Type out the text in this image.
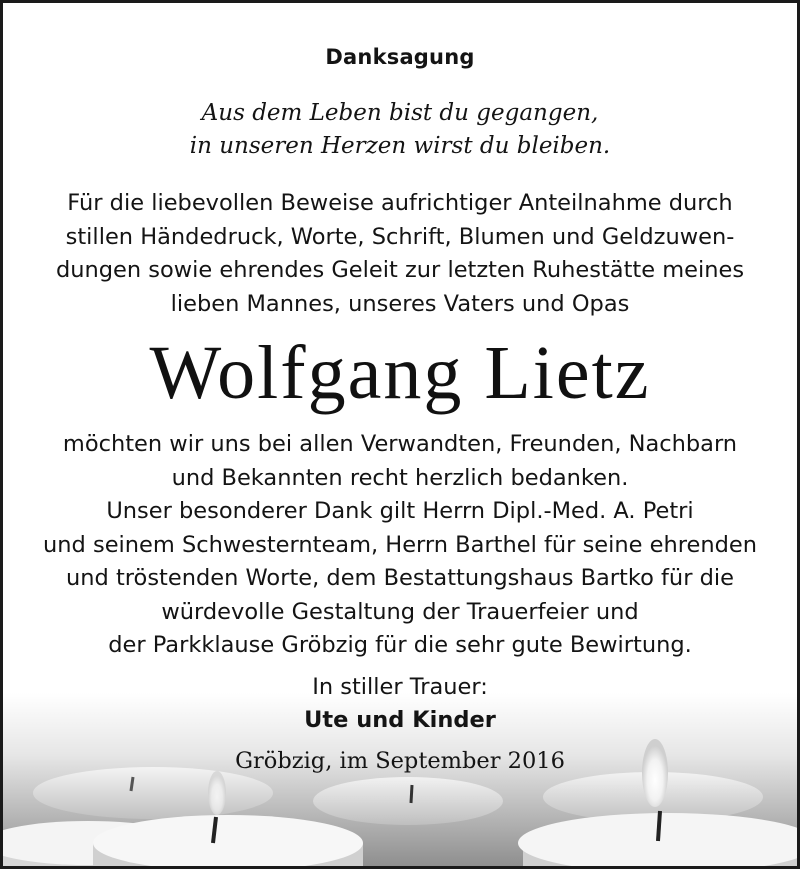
Danksagung
Aus dem Leben bist du gegangen,
in unseren Herzen wirst du bleiben.
Für die liebevollen Beweise aufrichtiger Anteilnahme durch
stillen Händedruck, Worte, Schrift, Blumen und Geldzuwen-
dungen sowie ehrendes Geleit zur letzten Ruhestätte meines
lieben Mannes, unseres Vaters und Opas
Wolfgang Lietz
möchten wir uns bei allen Verwandten, Freunden, Nachbarn
und Bekannten recht herzlich bedanken.
Unser besonderer Dank gilt Herrn Dipl.-Med. A. Petri
und seinem Schwesternteam, Herrn Barthel für seine ehrenden
und tröstenden Worte, dem Bestattungshaus Bartko für die
würdevolle Gestaltung der Trauerfeier und
der Parkklause Gröbzig für die sehr gute Bewirtung.
In stiller Trauer:
Ute und Kinder
Gröbzig, im September 2016
